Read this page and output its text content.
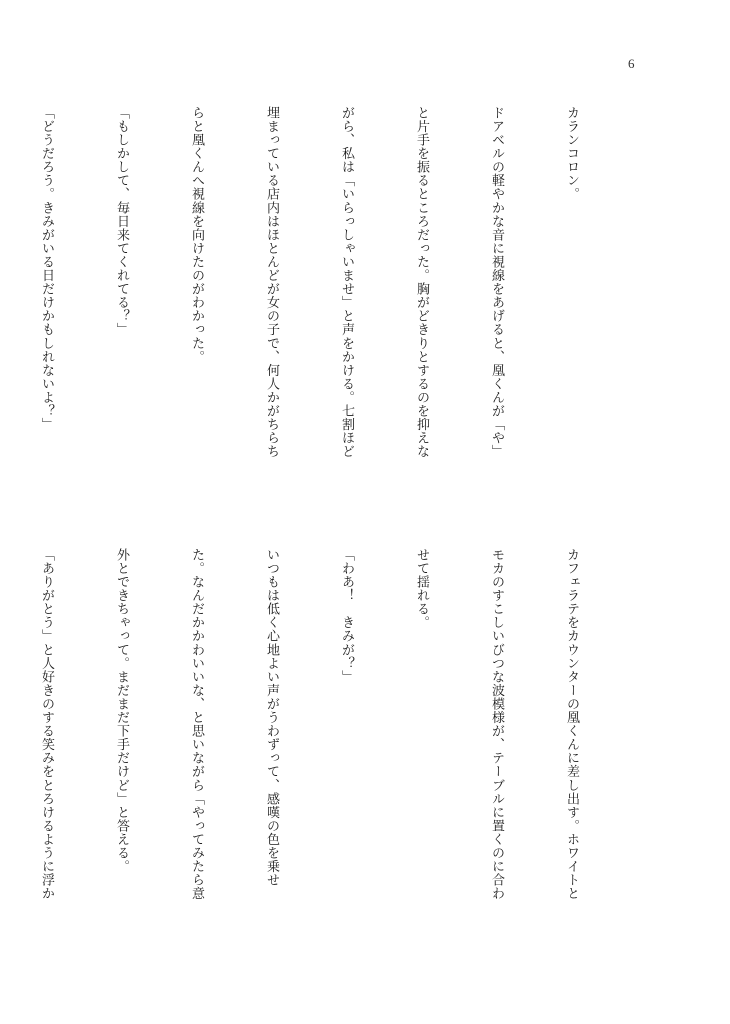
6

カランコロン。

ドアベルの軽やかな音に視線をあげると、凰くんが「や」

と片手を振るところだった。胸がどきりとするのを抑えな

がら、私は「いらっしゃいませ」と声をかける。七割ほど

埋まっている店内はほとんどが女の子で、何人かがちらち

らと凰くんへ視線を向けたのがわかった。

「もしかして、毎日来てくれてる？」

「どうだろう。きみがいる日だけかもしれないよ？」

カフェラテをカウンターの凰くんに差し出す。ホワイトと

モカのすこしいびつな波模様が、テーブルに置くのに合わ

せて揺れる。

「わあ！　きみが？」

いつもは低く心地よい声がうわずって、感嘆の色を乗せ

た。なんだかかわいいな、と思いながら「やってみたら意

外とできちゃって。まだまだ下手だけど」と答える。

「ありがとう」と人好きのする笑みをとろけるように浮か
